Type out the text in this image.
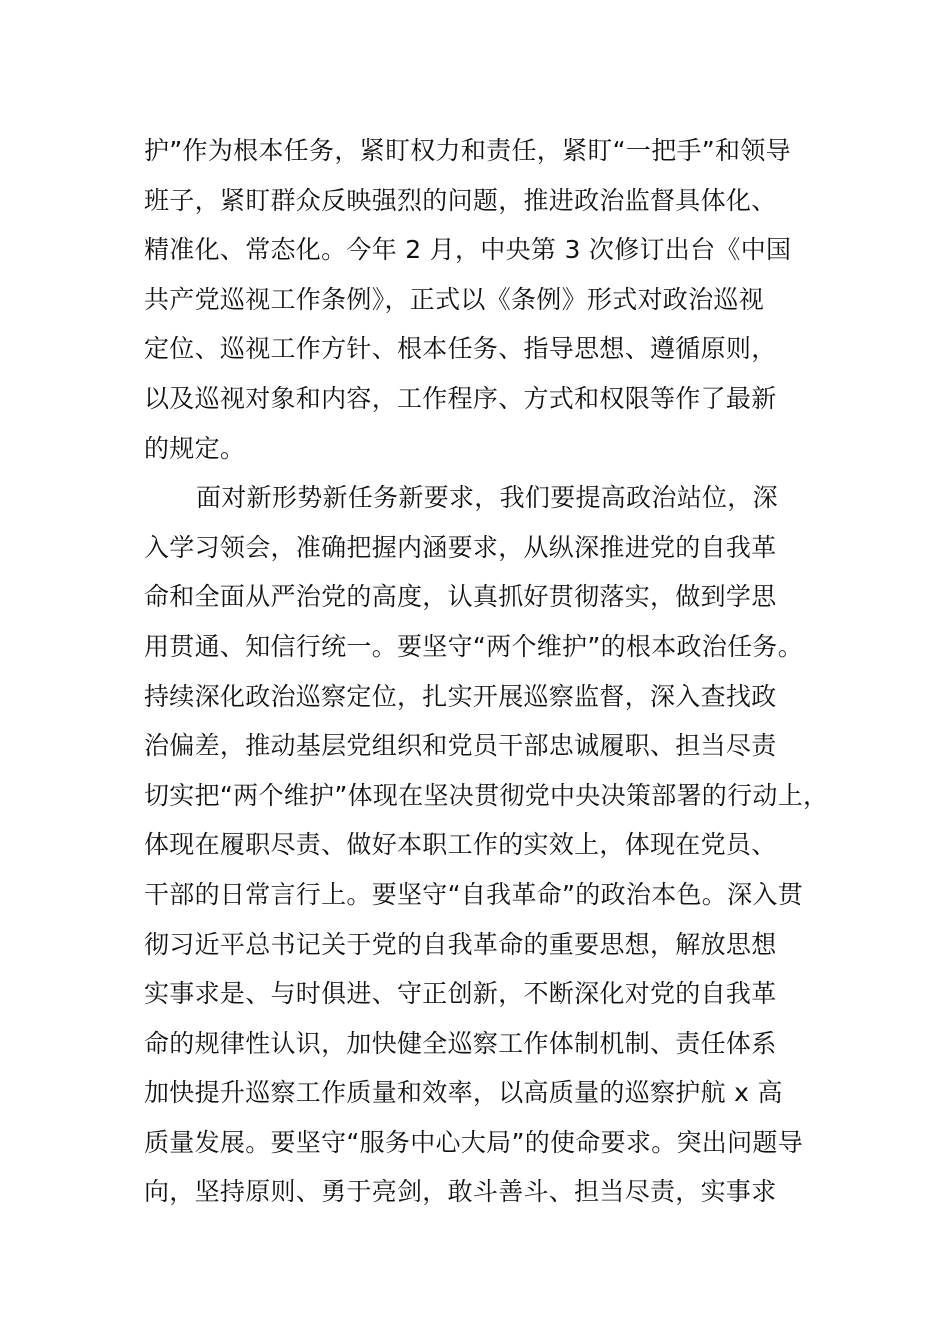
护”作为根本任务，紧盯权力和责任，紧盯“一把手”和领导
班子，紧盯群众反映强烈的问题，推进政治监督具体化、
精准化、常态化。今年 2 月，中央第 3 次修订出台《中国
共产党巡视工作条例》，正式以《条例》形式对政治巡视
定位、巡视工作方针、根本任务、指导思想、遵循原则，
以及巡视对象和内容，工作程序、方式和权限等作了最新
的规定。
面对新形势新任务新要求，我们要提高政治站位，深
入学习领会，准确把握内涵要求，从纵深推进党的自我革
命和全面从严治党的高度，认真抓好贯彻落实，做到学思
用贯通、知信行统一。要坚守“两个维护”的根本政治任务。
持续深化政治巡察定位，扎实开展巡察监督，深入查找政
治偏差，推动基层党组织和党员干部忠诚履职、担当尽责
切实把“两个维护”体现在坚决贯彻党中央决策部署的行动上，
体现在履职尽责、做好本职工作的实效上，体现在党员、
干部的日常言行上。要坚守“自我革命”的政治本色。深入贯
彻习近平总书记关于党的自我革命的重要思想，解放思想
实事求是、与时俱进、守正创新，不断深化对党的自我革
命的规律性认识，加快健全巡察工作体制机制、责任体系
加快提升巡察工作质量和效率，以高质量的巡察护航 x 高
质量发展。要坚守“服务中心大局”的使命要求。突出问题导
向，坚持原则、勇于亮剑，敢斗善斗、担当尽责，实事求
